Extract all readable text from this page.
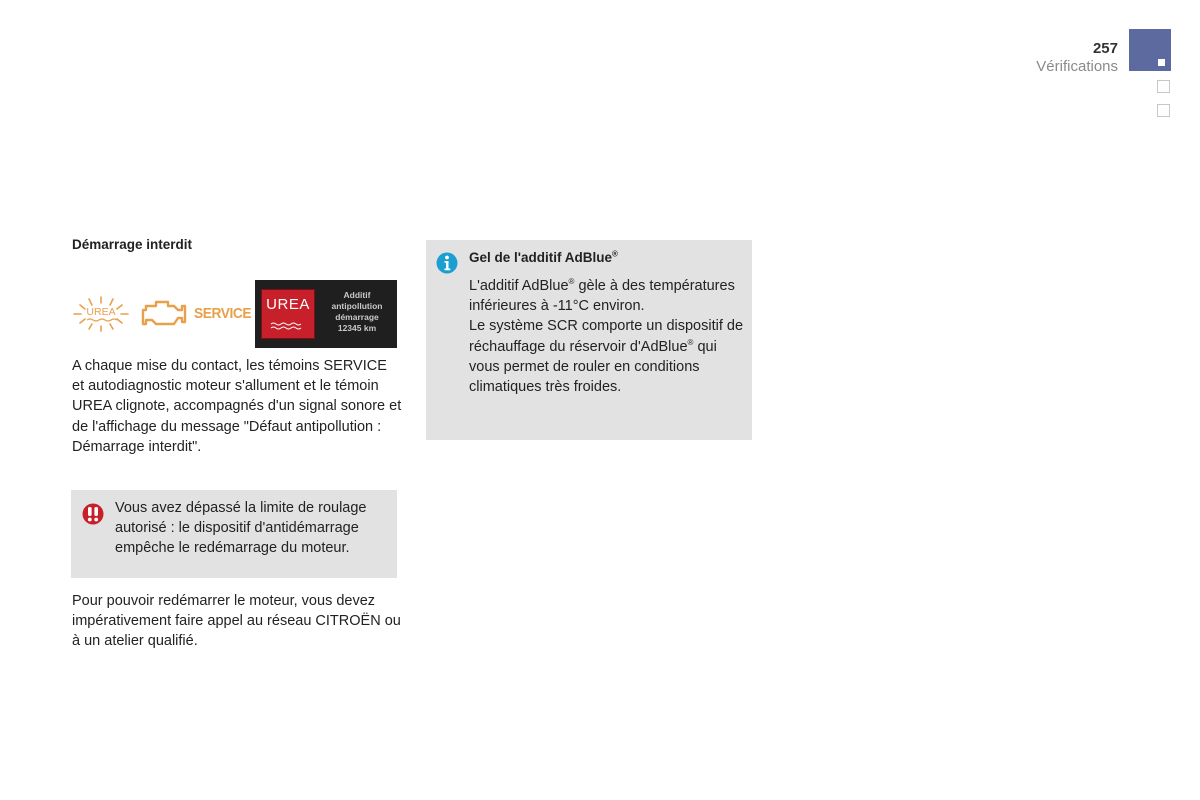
257
Vérifications
Démarrage interdit
UREA	SERVICE
UREA
Additif
antipollution
démarrage
12345 km
A chaque mise du contact, les témoins SERVICE et autodiagnostic moteur s'allument et le témoin UREA clignote, accompagnés d'un signal sonore et de l'affichage du message "Défaut antipollution : Démarrage interdit".
Vous avez dépassé la limite de roulage autorisé : le dispositif d'antidémarrage empêche le redémarrage du moteur.
Pour pouvoir redémarrer le moteur, vous devez impérativement faire appel au réseau CITROËN ou à un atelier qualifié.
Gel de l'additif AdBlue®
L'additif AdBlue® gèle à des températures inférieures à -11°C environ.
Le système SCR comporte un dispositif de réchauffage du réservoir d'AdBlue® qui vous permet de rouler en conditions climatiques très froides.
